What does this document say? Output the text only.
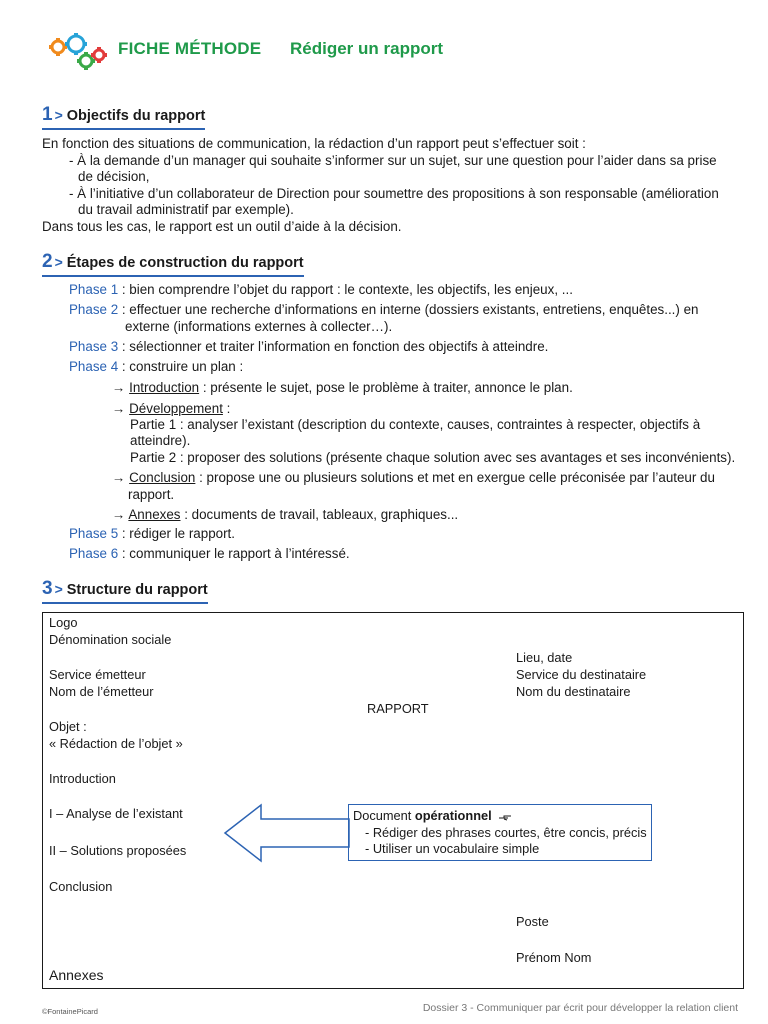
FICHE MÉTHODE Rédiger un rapport
1 > Objectifs du rapport
En fonction des situations de communication, la rédaction d’un rapport peut s’effectuer soit :
- À la demande d’un manager qui souhaite s’informer sur un sujet, sur une question pour l’aider dans sa prise
de décision,
- À l’initiative d’un collaborateur de Direction pour soumettre des propositions à son responsable (amélioration
du travail administratif par exemple).
Dans tous les cas, le rapport est un outil d’aide à la décision.
2 > Étapes de construction du rapport
Phase 1 : bien comprendre l’objet du rapport : le contexte, les objectifs, les enjeux, ...
Phase 2 : effectuer une recherche d’informations en interne (dossiers existants, entretiens, enquêtes...) en
externe (informations externes à collecter…).
Phase 3 : sélectionner et traiter l’information en fonction des objectifs à atteindre.
Phase 4 : construire un plan :
→ Introduction : présente le sujet, pose le problème à traiter, annonce le plan.
→ Développement :
Partie 1 : analyser l’existant (description du contexte, causes, contraintes à respecter, objectifs à
atteindre).
Partie 2 : proposer des solutions (présente chaque solution avec ses avantages et ses inconvénients).
→ Conclusion : propose une ou plusieurs solutions et met en exergue celle préconisée par l’auteur du
rapport.
→ Annexes : documents de travail, tableaux, graphiques...
Phase 5 : rédiger le rapport.
Phase 6 : communiquer le rapport à l’intéressé.
3 > Structure du rapport
Logo
Dénomination sociale
Lieu, date
Service émetteur	Service du destinataire
Nom de l’émetteur	Nom du destinataire
RAPPORT
Objet :
« Rédaction de l’objet »
Introduction
I – Analyse de l’existant
II – Solutions proposées
Conclusion
Poste
Prénom Nom
Annexes
Document opérationnel
- Rédiger des phrases courtes, être concis, précis
- Utiliser un vocabulaire simple
©FontainePicard	Dossier 3 - Communiquer par écrit pour développer la relation client
